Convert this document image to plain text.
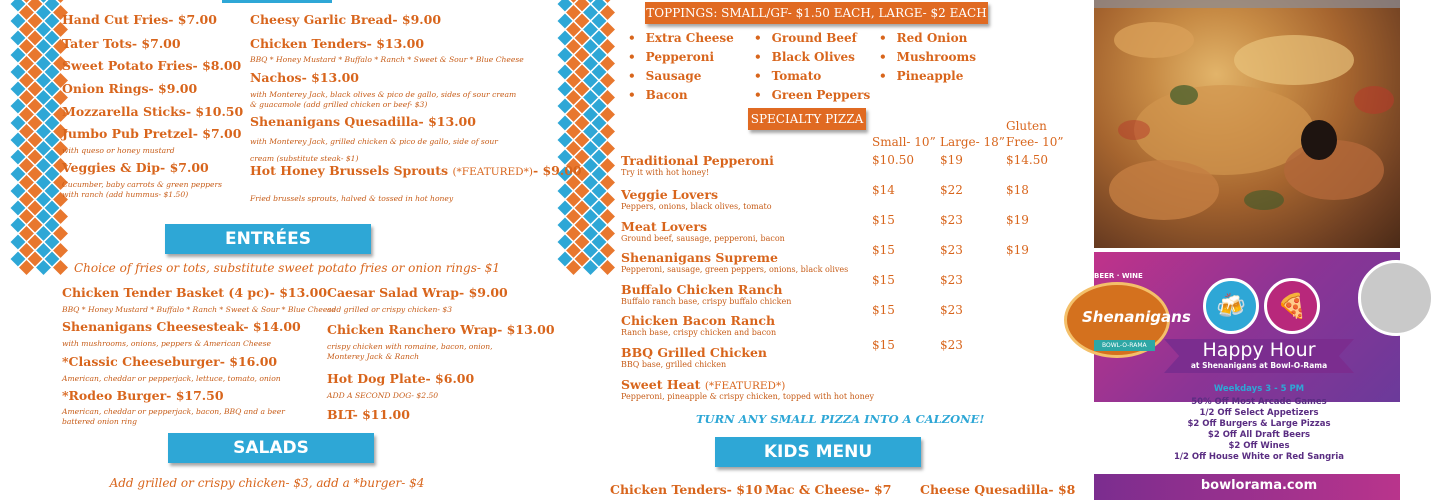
Hand Cut Fries- $7.00
Tater Tots- $7.00
Sweet Potato Fries- $8.00
Onion Rings- $9.00
Mozzarella Sticks- $10.50
Jumbo Pub Pretzel- $7.00
with queso or honey mustard
Veggies & Dip- $7.00
Cucumber, baby carrots & green peppers with ranch (add hummus- $1.50)
Cheesy Garlic Bread- $9.00
Chicken Tenders- $13.00
BBQ * Honey Mustard * Buffalo * Ranch * Sweet & Sour * Blue Cheese
Nachos- $13.00
with Monterey Jack, black olives & pico de gallo, sides of sour cream & guacamole (add grilled chicken or beef- $3)
Shenanigans Quesadilla- $13.00
with Monterey Jack, grilled chicken & pico de gallo, side of sour cream (substitute steak- $1)
Hot Honey Brussels Sprouts (*FEATURED*)- $9.00
Fried brussels sprouts, halved & tossed in hot honey
ENTRÉES
Choice of fries or tots, substitute sweet potato fries or onion rings- $1
Chicken Tender Basket (4 pc)- $13.00
BBQ * Honey Mustard * Buffalo * Ranch * Sweet & Sour * Blue Cheese
Shenanigans Cheesesteak- $14.00
with mushrooms, onions, peppers & American Cheese
*Classic Cheeseburger- $16.00
American, cheddar or pepperjack, lettuce, tomato, onion
*Rodeo Burger- $17.50
American, cheddar or pepperjack, bacon, BBQ and a beer battered onion ring
Caesar Salad Wrap- $9.00
add grilled or crispy chicken- $3
Chicken Ranchero Wrap- $13.00
crispy chicken with romaine, bacon, onion, Monterey Jack & Ranch
Hot Dog Plate- $6.00
ADD A SECOND DOG- $2.50
BLT- $11.00
SALADS
Add grilled or crispy chicken- $3, add a *burger- $4
TOPPINGS: SMALL/GF- $1.50 EACH, LARGE- $2 EACH
• Extra Cheese
• Pepperoni
• Sausage
• Bacon
• Ground Beef
• Black Olives
• Tomato
• Green Peppers
• Red Onion
• Mushrooms
• Pineapple
SPECIALTY PIZZA
Small- 10” Large- 18”
Gluten
Free- 10”
Traditional Pepperoni
Try it with hot honey!
$10.50 $19	$14.50
Veggie Lovers
Peppers, onions, black olives, tomato
$14	$22	$18
Meat Lovers
Ground beef, sausage, pepperoni, bacon
$15	$23	$19
Shenanigans Supreme
Pepperoni, sausage, green peppers, onions, black olives
$15	$23	$19
Buffalo Chicken Ranch
Buffalo ranch base, crispy buffalo chicken
$15	$23
Chicken Bacon Ranch
Ranch base, crispy chicken and bacon
$15	$23
BBQ Grilled Chicken
BBQ base, grilled chicken
$15	$23
Sweet Heat (*FEATURED*)
Pepperoni, pineapple & crispy chicken, topped with hot honey
TURN ANY SMALL PIZZA INTO A CALZONE!
KIDS MENU
Chicken Tenders- $10 Mac & Cheese- $7 Cheese Quesadilla- $8
BEER · WINE
Shenanigans
BOWL-O-RAMA
🍻	🍕
Happy Hour
at Shenanigans at Bowl-O-Rama
Weekdays 3 - 5 PM
50% Off Most Arcade Games
1/2 Off Select Appetizers
$2 Off Burgers & Large Pizzas
$2 Off All Draft Beers
$2 Off Wines
1/2 Off House White or Red Sangria
bowlorama.com
